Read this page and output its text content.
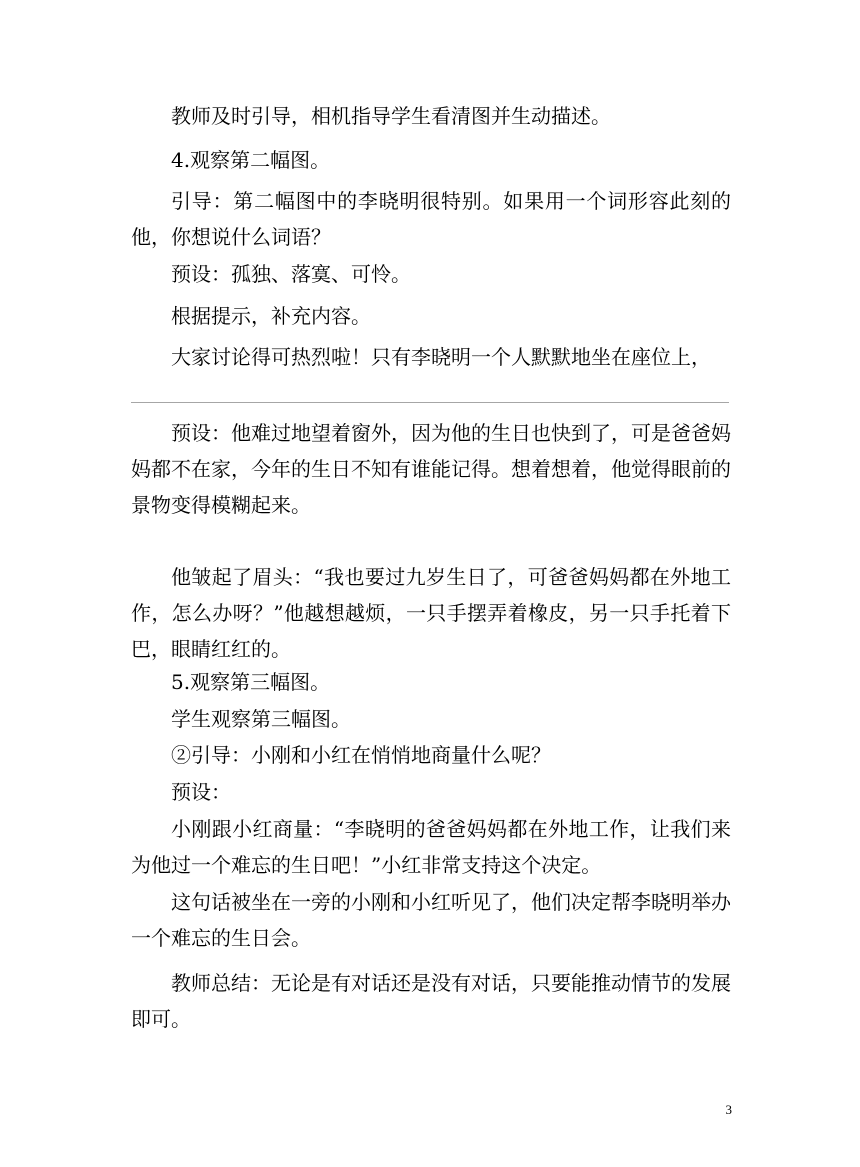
教师及时引导，相机指导学生看清图并生动描述。

4.观察第二幅图。

引导：第二幅图中的李晓明很特别。如果用一个词形容此刻的他，你想说什么词语？

预设：孤独、落寞、可怜。

根据提示，补充内容。

大家讨论得可热烈啦！只有李晓明一个人默默地坐在座位上，

预设：他难过地望着窗外，因为他的生日也快到了，可是爸爸妈妈都不在家，今年的生日不知有谁能记得。想着想着，他觉得眼前的景物变得模糊起来。

他皱起了眉头：“我也要过九岁生日了，可爸爸妈妈都在外地工作，怎么办呀？”他越想越烦，一只手摆弄着橡皮，另一只手托着下巴，眼睛红红的。

5.观察第三幅图。

学生观察第三幅图。

②引导：小刚和小红在悄悄地商量什么呢？

预设：

小刚跟小红商量：“李晓明的爸爸妈妈都在外地工作，让我们来为他过一个难忘的生日吧！”小红非常支持这个决定。

这句话被坐在一旁的小刚和小红听见了，他们决定帮李晓明举办一个难忘的生日会。

教师总结：无论是有对话还是没有对话，只要能推动情节的发展即可。

3
